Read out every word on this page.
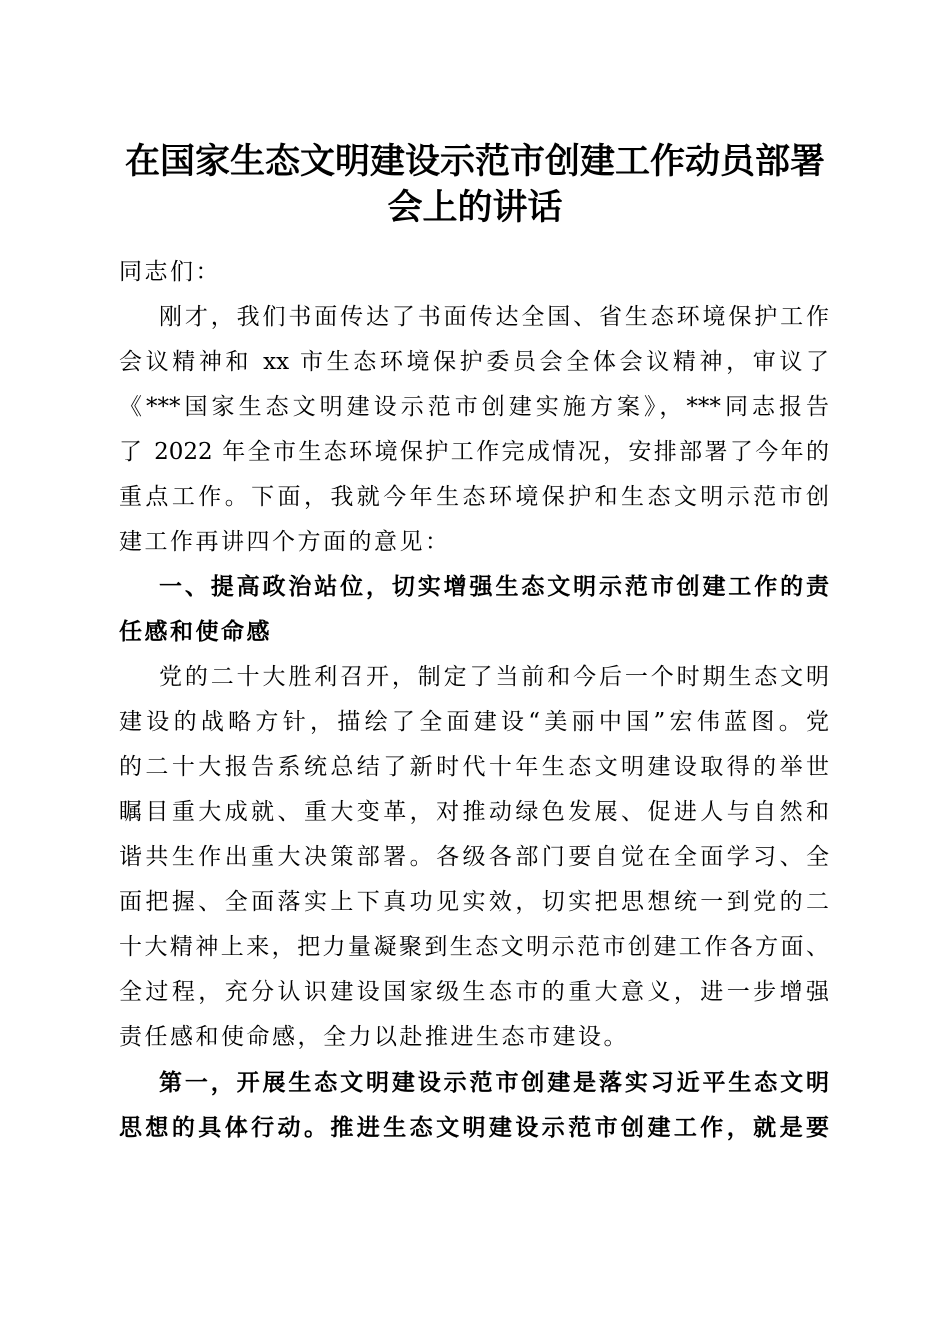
在国家生态文明建设示范市创建工作动员部署
会上的讲话

同志们：

刚才，我们书面传达了书面传达全国、省生态环境保护工作

会议精神和 xx 市生态环境保护委员会全体会议精神，审议了

《***国家生态文明建设示范市创建实施方案》，***同志报告

了 2022 年全市生态环境保护工作完成情况，安排部署了今年的

重点工作。下面，我就今年生态环境保护和生态文明示范市创

建工作再讲四个方面的意见：

一、提高政治站位，切实增强生态文明示范市创建工作的责

任感和使命感

党的二十大胜利召开，制定了当前和今后一个时期生态文明

建设的战略方针，描绘了全面建设“美丽中国”宏伟蓝图。党

的二十大报告系统总结了新时代十年生态文明建设取得的举世

瞩目重大成就、重大变革，对推动绿色发展、促进人与自然和

谐共生作出重大决策部署。各级各部门要自觉在全面学习、全

面把握、全面落实上下真功见实效，切实把思想统一到党的二

十大精神上来，把力量凝聚到生态文明示范市创建工作各方面、

全过程，充分认识建设国家级生态市的重大意义，进一步增强

责任感和使命感，全力以赴推进生态市建设。

第一，开展生态文明建设示范市创建是落实习近平生态文明

思想的具体行动。推进生态文明建设示范市创建工作，就是要
